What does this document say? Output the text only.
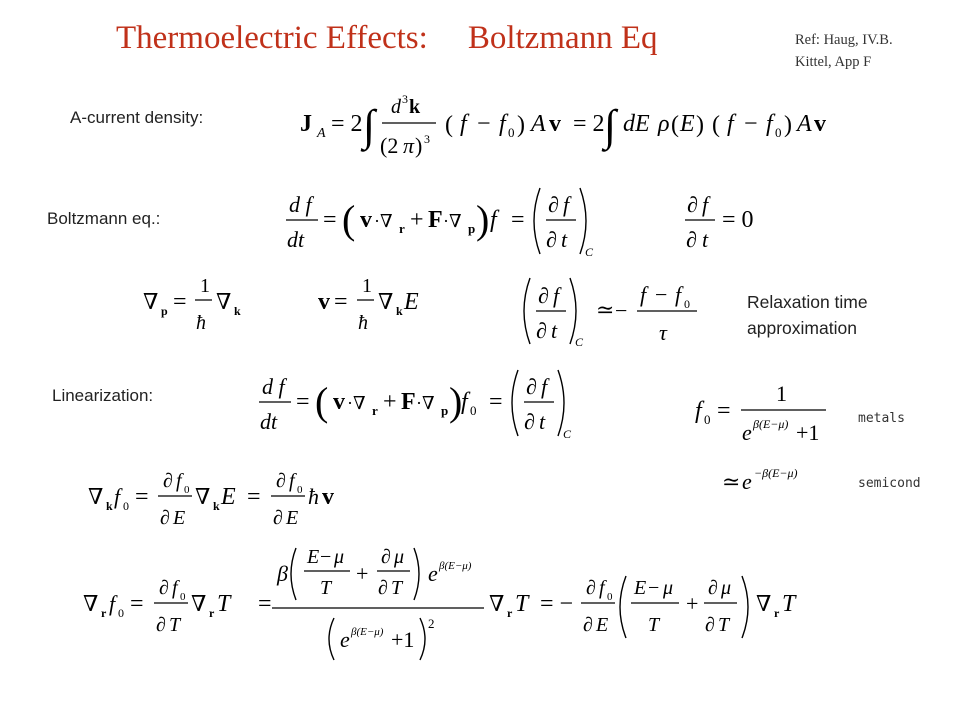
Thermoelectric Effects: Boltzmann Eq	Ref: Haug, IV.B.
Kittel, App F
A-current density:
Boltzmann eq.:
Relaxation time
approximation
Linearization:
metals
semicond
J A = 2 ∫ d 3 k
(2 π ) 3
( f − f 0 ) A v = 2 ∫ dE ρ ( E ) ( f − f 0 ) A v
d f
dt
= ( v ·∇ r + F ·∇ p ) f =
∂ f
∂ t C
∂ f
∂ t
= 0
∇ p =
1
ħ
∇ k	v =
1
ħ
∇ k E	∂ f
∂ t C
≃ −
f − f 0
τ
d f
dt
= ( v ·∇ r + F ·∇ p )
f 0 =
∂ f
∂ t C
f 0 =
1
e β(E−μ) +1
≃ e −β(E−μ)
∇ k f 0 =
∂ f 0
∂ E
∇ k E =
∂ f 0
∂ E
ħ v
∇ r f 0 =
∂ f 0
∂ T
∇ r T =
β
E − μ
T
+
∂ μ
∂ T
e β(E−μ)
e β(E−μ) +1
2
∇ r T = −
∂ f 0
∂ E
E − μ
T
+
∂ μ
∂ T
∇ r T
